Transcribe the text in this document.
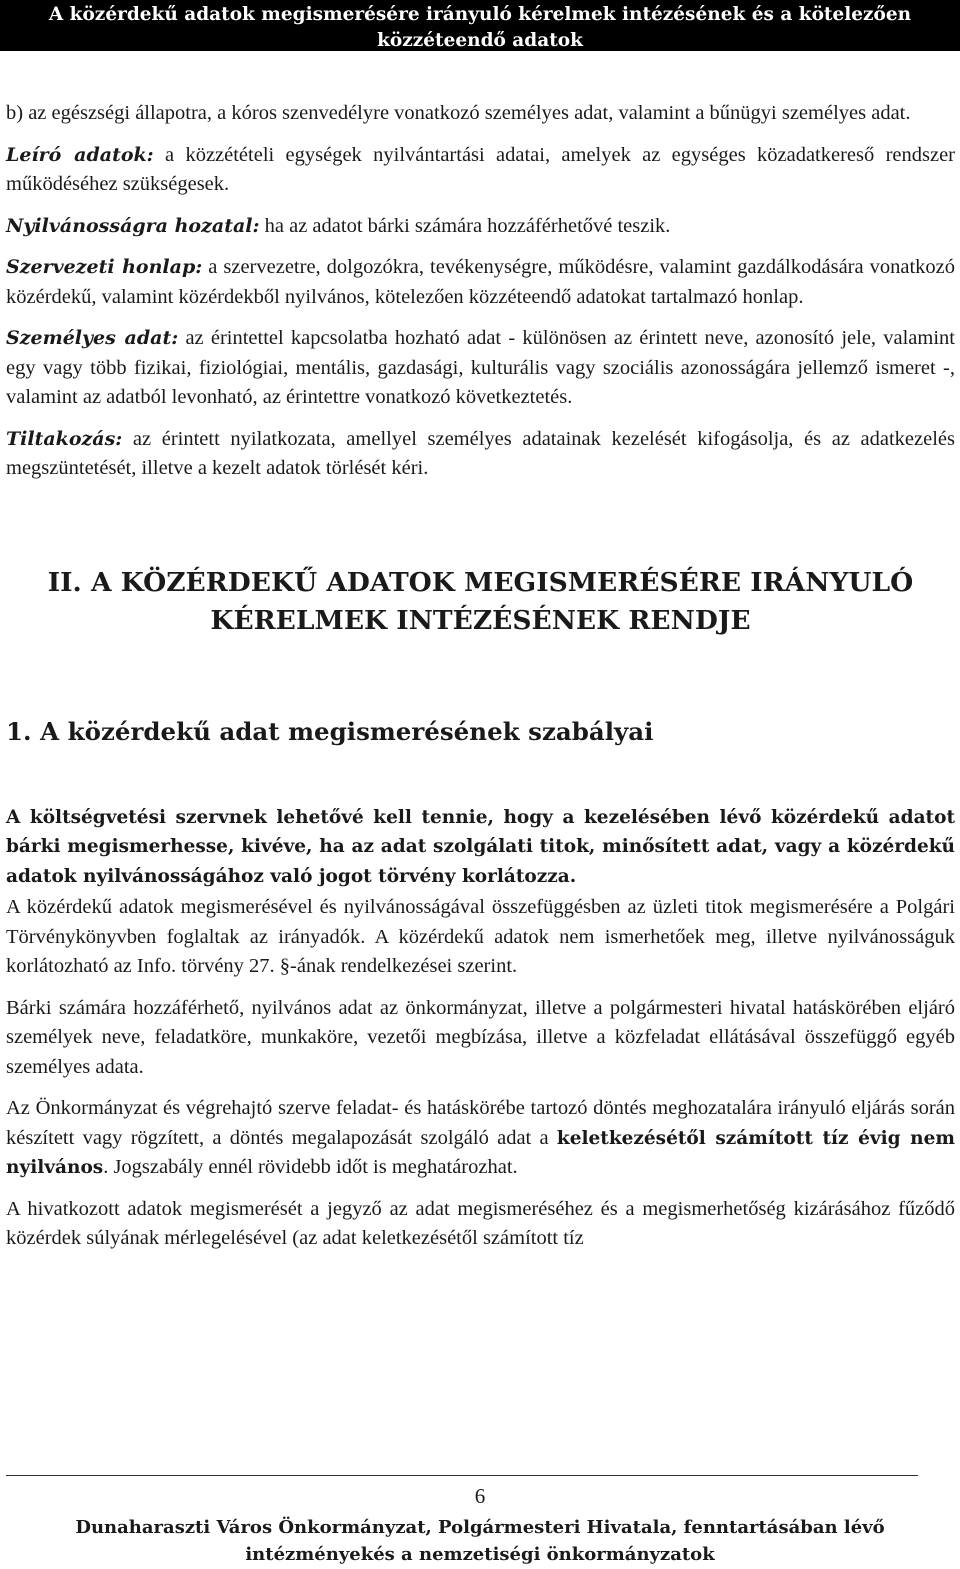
A közérdekű adatok megismerésére irányuló kérelmek intézésének és a kötelezően közzéteendő adatok
nyilvánosságra hozatalának szabályzata

b) az egészségi állapotra, a kóros szenvedélyre vonatkozó személyes adat, valamint a bűnügyi személyes adat.

Leíró adatok: a közzétételi egységek nyilvántartási adatai, amelyek az egységes közadatkereső rendszer működéséhez szükségesek.

Nyilvánosságra hozatal: ha az adatot bárki számára hozzáférhetővé teszik.

Szervezeti honlap: a szervezetre, dolgozókra, tevékenységre, működésre, valamint gazdálkodására vonatkozó közérdekű, valamint közérdekből nyilvános, kötelezően közzéteendő adatokat tartalmazó honlap.

Személyes adat: az érintettel kapcsolatba hozható adat - különösen az érintett neve, azonosító jele, valamint egy vagy több fizikai, fiziológiai, mentális, gazdasági, kulturális vagy szociális azonosságára jellemző ismeret -, valamint az adatból levonható, az érintettre vonatkozó következtetés.

Tiltakozás: az érintett nyilatkozata, amellyel személyes adatainak kezelését kifogásolja, és az adatkezelés megszüntetését, illetve a kezelt adatok törlését kéri.

II. A KÖZÉRDEKŰ ADATOK MEGISMERÉSÉRE IRÁNYULÓ
KÉRELMEK INTÉZÉSÉNEK RENDJE
1. A közérdekű adat megismerésének szabályai

A költségvetési szervnek lehetővé kell tennie, hogy a kezelésében lévő közérdekű adatot bárki megismerhesse, kivéve, ha az adat szolgálati titok, minősített adat, vagy a közérdekű adatok nyilvánosságához való jogot törvény korlátozza.

A közérdekű adatok megismerésével és nyilvánosságával összefüggésben az üzleti titok megismerésére a Polgári Törvénykönyvben foglaltak az irányadók. A közérdekű adatok nem ismerhetőek meg, illetve nyilvánosságuk korlátozható az Info. törvény 27. §-ának rendelkezései szerint.

Bárki számára hozzáférhető, nyilvános adat az önkormányzat, illetve a polgármesteri hivatal hatáskörében eljáró személyek neve, feladatköre, munkaköre, vezetői megbízása, illetve a közfeladat ellátásával összefüggő egyéb személyes adata.

Az Önkormányzat és végrehajtó szerve feladat- és hatáskörébe tartozó döntés meghozatalára irányuló eljárás során készített vagy rögzített, a döntés megalapozását szolgáló adat a keletkezésétől számított tíz évig nem nyilvános. Jogszabály ennél rövidebb időt is meghatározhat.

A hivatkozott adatok megismerését a jegyző az adat megismeréséhez és a megismerhetőség kizárásához fűződő közérdek súlyának mérlegelésével (az adat keletkezésétől számított tíz

6
Dunaharaszti Város Önkormányzat, Polgármesteri Hivatala, fenntartásában lévő
intézményekés a nemzetiségi önkormányzatok
